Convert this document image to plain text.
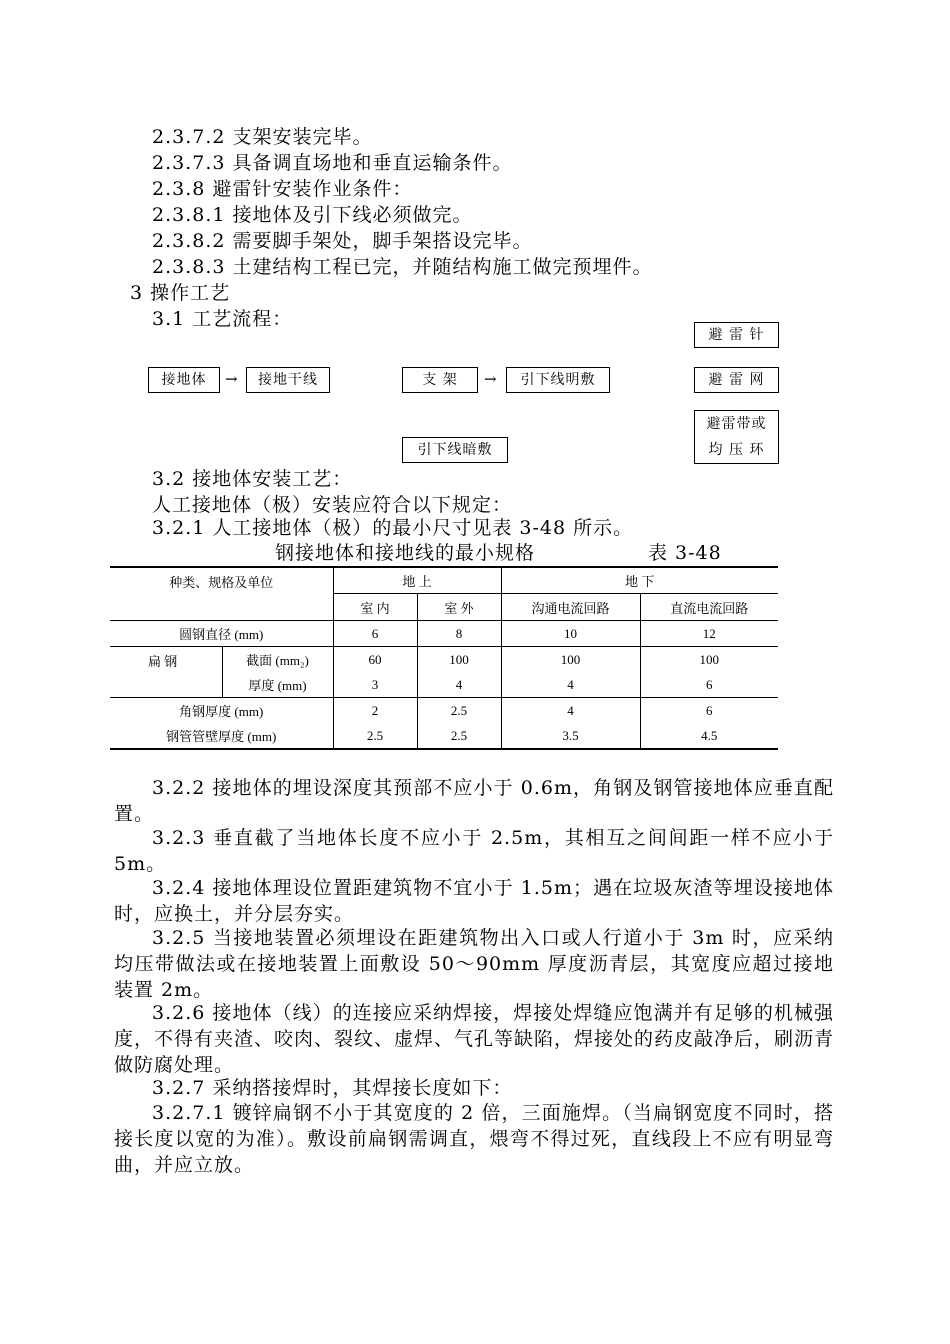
2.3.7.2 支架安装完毕。
2.3.7.3 具备调直场地和垂直运输条件。
2.3.8 避雷针安装作业条件：
2.3.8.1 接地体及引下线必须做完。
2.3.8.2 需要脚手架处，脚手架搭设完毕。
2.3.8.3 土建结构工程已完，并随结构施工做完预埋件。
3 操作工艺
3.1 工艺流程：
接地体	→	接地干线	支 架	→	引下线明敷
引下线暗敷
避 雷 针
避 雷 网
避雷带或
均 压 环
3.2 接地体安装工艺：
人工接地体（极）安装应符合以下规定：
3.2.1 人工接地体（极）的最小尺寸见表 3-48 所示。
钢接地体和接地线的最小规格	表 3-48
种类、规格及单位		地 上		地 下	
		室 内	室 外	沟通电流回路	直流电流回路
圆钢直径 (mm)		6	8	10	12
扁 钢	截面 (mm₂)	60	100	100	100
	厚度 (mm)	3	4	4	6
角钢厚度 (mm)		2	2.5	4	6
钢管管壁厚度 (mm)		2.5	2.5	3.5	4.5
3.2.2 接地体的埋设深度其预部不应小于 0.6m，角钢及钢管接地体应垂直配置。
3.2.3 垂直截了当地体长度不应小于 2.5m，其相互之间间距一样不应小于 5m。
3.2.4 接地体理设位置距建筑物不宜小于 1.5m；遇在垃圾灰渣等埋设接地体时，应换土，并分层夯实。
3.2.5 当接地装置必须埋设在距建筑物出入口或人行道小于 3m 时，应采纳均压带做法或在接地装置上面敷设 50～90mm 厚度沥青层，其宽度应超过接地装置 2m。
3.2.6 接地体（线）的连接应采纳焊接，焊接处焊缝应饱满并有足够的机械强度，不得有夹渣、咬肉、裂纹、虚焊、气孔等缺陷，焊接处的药皮敲净后，刷沥青做防腐处理。
3.2.7 采纳搭接焊时，其焊接长度如下：
3.2.7.1 镀锌扁钢不小于其宽度的 2 倍，三面施焊。（当扁钢宽度不同时，搭接长度以宽的为准）。敷设前扁钢需调直，煨弯不得过死，直线段上不应有明显弯曲，并应立放。
